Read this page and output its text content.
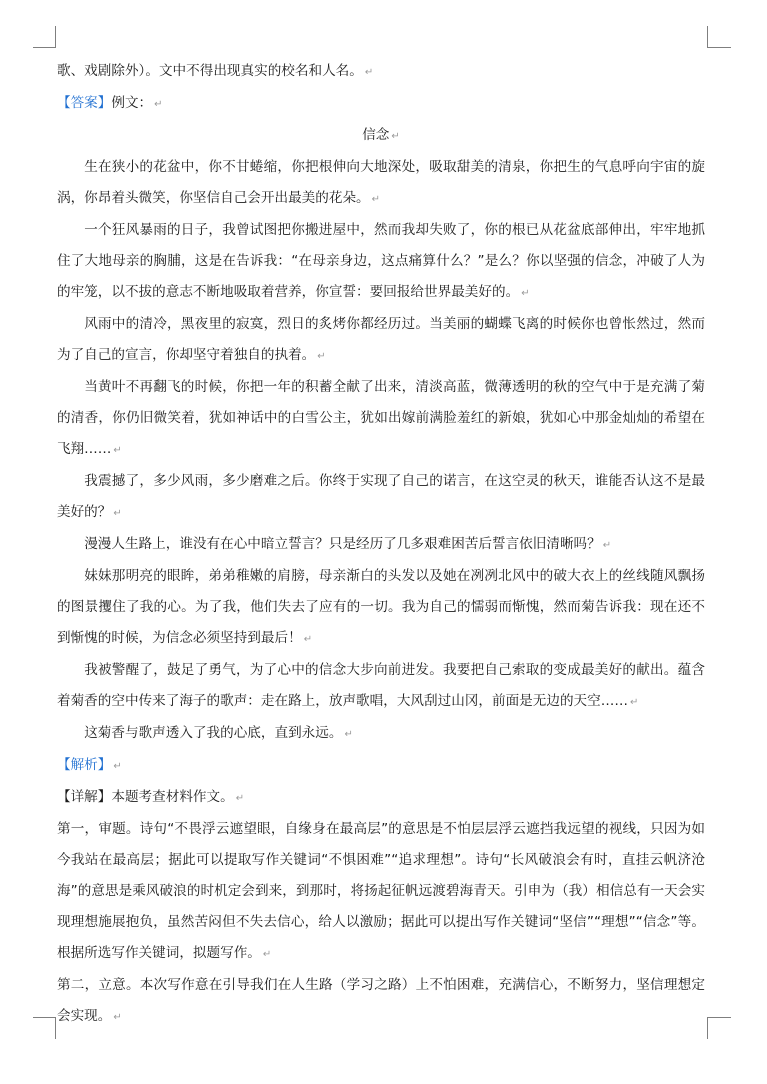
歌、戏剧除外）。文中不得出现真实的校名和人名。 ↵

【答案】例文： ↵

信念 ↵

生在狭小的花盆中，你不甘蜷缩，你把根伸向大地深处，吸取甜美的清泉，你把生的气息呼向宇宙的旋涡，你昂着头微笑，你坚信自己会开出最美的花朵。 ↵

一个狂风暴雨的日子，我曾试图把你搬进屋中，然而我却失败了，你的根已从花盆底部伸出，牢牢地抓住了大地母亲的胸脯，这是在告诉我：“在母亲身边，这点痛算什么？”是么？你以坚强的信念，冲破了人为的牢笼，以不拔的意志不断地吸取着营养，你宣誓：要回报给世界最美好的。 ↵

风雨中的清冷，黑夜里的寂寞，烈日的炙烤你都经历过。当美丽的蝴蝶飞离的时候你也曾怅然过，然而为了自己的宣言，你却坚守着独自的执着。 ↵

当黄叶不再翻飞的时候，你把一年的积蓄全献了出来，清淡高蓝，微薄透明的秋的空气中于是充满了菊的清香，你仍旧微笑着，犹如神话中的白雪公主，犹如出嫁前满脸羞红的新娘，犹如心中那金灿灿的希望在飞翔…… ↵

我震撼了，多少风雨，多少磨难之后。你终于实现了自己的诺言，在这空灵的秋天，谁能否认这不是最美好的？ ↵

漫漫人生路上，谁没有在心中暗立誓言？只是经历了几多艰难困苦后誓言依旧清晰吗？ ↵

妹妹那明亮的眼眸，弟弟稚嫩的肩膀，母亲渐白的头发以及她在冽冽北风中的破大衣上的丝线随风飘扬的图景攫住了我的心。为了我，他们失去了应有的一切。我为自己的懦弱而惭愧，然而菊告诉我：现在还不到惭愧的时候，为信念必须坚持到最后！ ↵

我被警醒了，鼓足了勇气，为了心中的信念大步向前进发。我要把自己索取的变成最美好的献出。蕴含着菊香的空中传来了海子的歌声：走在路上，放声歌唱，大风刮过山冈，前面是无边的天空…… ↵

这菊香与歌声透入了我的心底，直到永远。 ↵

【解析】 ↵

【详解】本题考查材料作文。 ↵

第一，审题。诗句“不畏浮云遮望眼，自缘身在最高层”的意思是不怕层层浮云遮挡我远望的视线，只因为如今我站在最高层；据此可以提取写作关键词“不惧困难”“追求理想”。诗句“长风破浪会有时，直挂云帆济沧海”的意思是乘风破浪的时机定会到来，到那时，将扬起征帆远渡碧海青天。引申为（我）相信总有一天会实现理想施展抱负，虽然苦闷但不失去信心，给人以激励；据此可以提出写作关键词“坚信”“理想”“信念”等。根据所选写作关键词，拟题写作。 ↵

第二，立意。本次写作意在引导我们在人生路（学习之路）上不怕困难，充满信心，不断努力，坚信理想定会实现。 ↵
